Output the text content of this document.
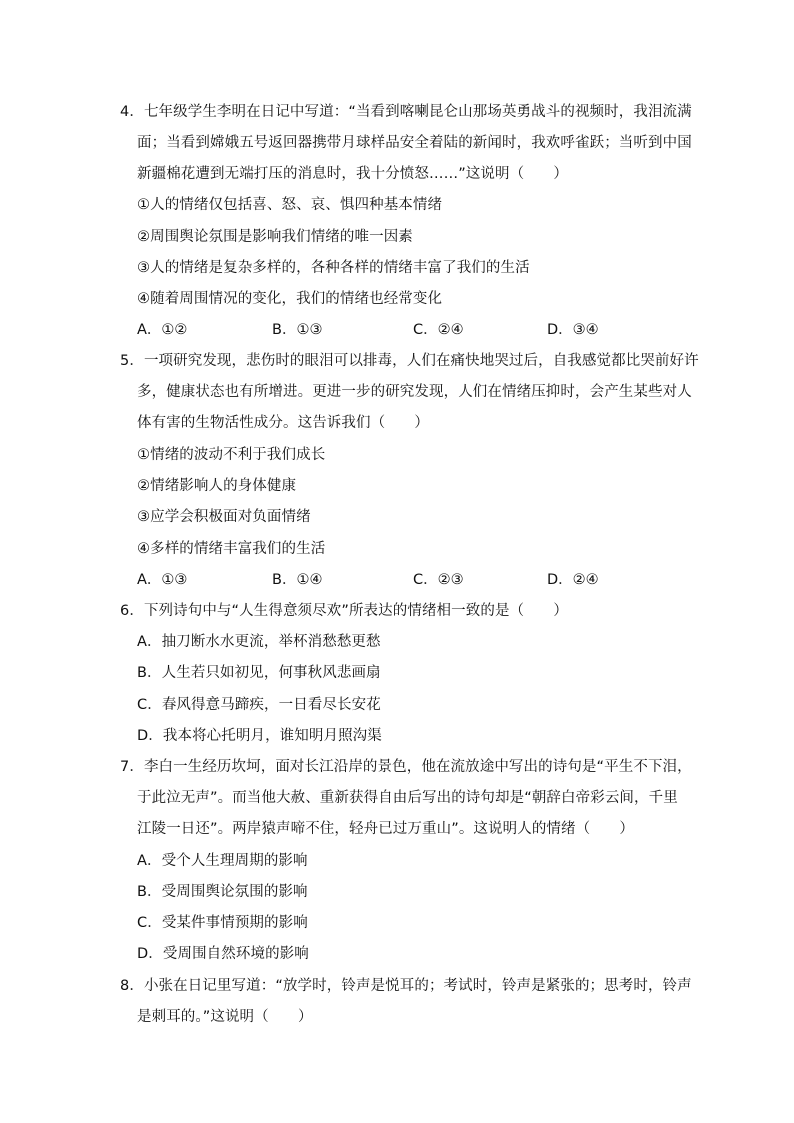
4．七年级学生李明在日记中写道：“当看到喀喇昆仑山那场英勇战斗的视频时，我泪流满
面；当看到嫦娥五号返回器携带月球样品安全着陆的新闻时，我欢呼雀跃；当听到中国
新疆棉花遭到无端打压的消息时，我十分愤怒……”这说明（　　）
①人的情绪仅包括喜、怒、哀、惧四种基本情绪
②周围舆论氛围是影响我们情绪的唯一因素
③人的情绪是复杂多样的，各种各样的情绪丰富了我们的生活
④随着周围情况的变化，我们的情绪也经常变化
A．①②	B．①③	C．②④	D．③④
5．一项研究发现，悲伤时的眼泪可以排毒，人们在痛快地哭过后，自我感觉都比哭前好许
多，健康状态也有所增进。更进一步的研究发现，人们在情绪压抑时，会产生某些对人
体有害的生物活性成分。这告诉我们（　　）
①情绪的波动不利于我们成长
②情绪影响人的身体健康
③应学会积极面对负面情绪
④多样的情绪丰富我们的生活
A．①③	B．①④	C．②③	D．②④
6．下列诗句中与“人生得意须尽欢”所表达的情绪相一致的是（　　）
A．抽刀断水水更流，举杯消愁愁更愁
B．人生若只如初见，何事秋风悲画扇
C．春风得意马蹄疾，一日看尽长安花
D．我本将心托明月，谁知明月照沟渠
7．李白一生经历坎坷，面对长江沿岸的景色，他在流放途中写出的诗句是“平生不下泪，
于此泣无声”。而当他大赦、重新获得自由后写出的诗句却是“朝辞白帝彩云间，千里
江陵一日还”。两岸猿声啼不住，轻舟已过万重山”。这说明人的情绪（　　）
A．受个人生理周期的影响
B．受周围舆论氛围的影响
C．受某件事情预期的影响
D．受周围自然环境的影响
8．小张在日记里写道：“放学时，铃声是悦耳的；考试时，铃声是紧张的；思考时，铃声
是刺耳的。”这说明（　　）
